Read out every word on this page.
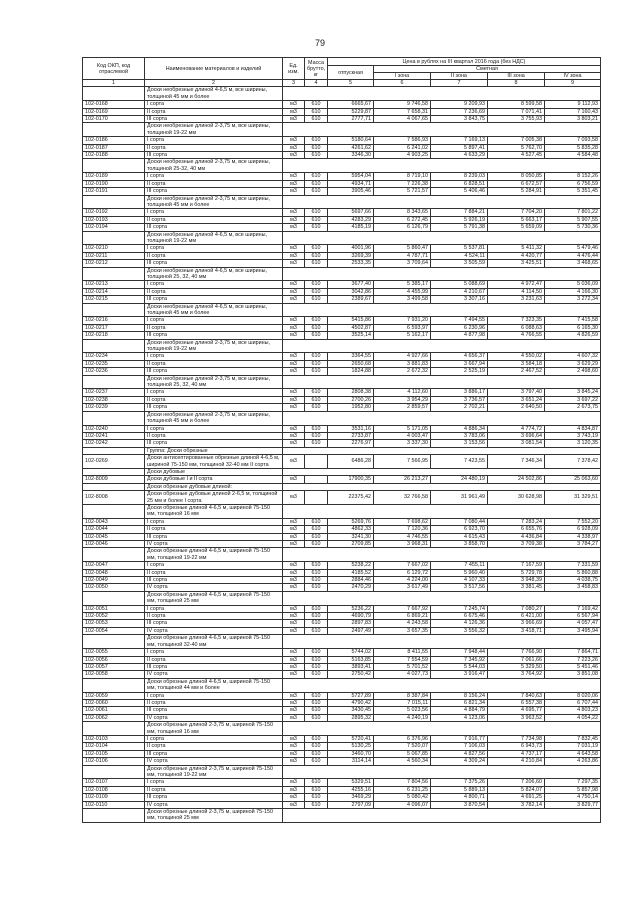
79
Код ОКП, код отраслевой	Наименование материалов и изделий	Ед. изм.	Масса брутто, кг	Цена в рублях на III квартал 2016 года (без НДС)				
				отпускная	Сметная			
					I зона	II зона	III зона	IV зона
1	2	3	4	5	6	7	8	9
	Доски необрезные длиной 4-6,5 м, все ширины, толщиной 45 мм и более							
102-0168	I сорта	м3	610	6665,67	9 746,58	9 209,93	8 599,58	9 112,93
102-0169	II сорта	м3	610	5229,87	7 658,31	7 236,69	7 071,41	7 160,43
102-0170	III сорта	м3	610	2777,71	4 067,65	3 843,75	3 755,93	3 803,21
	Доски необрезные длиной 2-3,75 м, все ширины, толщиной 19-22 мм							
102-0186	I сорта	м3	610	5180,64	7 586,93	7 169,13	7 005,38	7 093,58
102-0187	II сорта	м3	610	4261,62	6 241,02	5 897,41	5 762,70	5 835,28
102-0188	III сорта	м3	610	3346,30	4 903,25	4 633,29	4 527,45	4 584,48
	Доски необрезные длиной 2-3,75 м, все ширины, толщиной 25-32, 40 мм							
102-0189	I сорта	м3	610	5954,04	8 719,10	8 239,03	8 050,85	8 152,26
102-0190	II сорта	м3	610	4934,71	7 226,38	6 828,51	6 672,57	6 756,59
102-0191	III сорта	м3	610	3905,46	5 721,57	5 406,46	5 284,91	5 351,45
	Доски необрезные длиной 2-3,75 м, все ширины, толщиной 45 мм и более							
102-0192	I сорта	м3	610	5697,66	8 343,65	7 884,21	7 704,20	7 801,22
102-0193	II сорта	м3	610	4283,29	6 272,45	5 926,19	5 663,17	5 907,55
102-0194	III сорта	м3	610	4185,19	6 126,79	5 791,38	5 659,09	5 730,36
	Доски необрезные длиной 4-6,5 м, все ширины, толщиной 19-22 мм							
102-0210	I сорта	м3	610	4001,96	5 860,47	5 537,81	5 411,32	5 479,46
102-0211	II сорта	м3	610	3269,39	4 787,71	4 524,11	4 420,77	4 476,44
102-0212	III сорта	м3	610	2533,35	3 709,64	3 505,59	3 425,51	3 468,65
	Доски необрезные длиной 4-6,5 м, все ширины, толщиной 25, 32, 40 мм							
102-0213	I сорта	м3	610	3677,40	5 385,17	5 088,69	4 972,47	5 036,09
102-0214	II сорта	м3	610	3042,86	4 455,99	4 210,67	4 114,50	4 166,30
102-0215	III сорта	м3	610	2389,67	3 499,58	3 307,16	3 231,63	3 272,34
	Доски необрезные длиной 4-6,5 м, все ширины, толщиной 45 мм и более							
102-0216	I сорта	м3	610	5415,86	7 931,20	7 494,55	7 323,35	7 415,58
102-0217	II сорта	м3	610	4502,87	6 593,97	6 230,96	6 088,63	6 165,30
102-0218	III сорта	м3	610	3525,14	5 162,17	4 877,98	4 766,55	4 826,59
	Доски необрезные длиной 2-3,75 м, все ширины, толщиной 19-22 мм							
102-0234	I сорта	м3	610	3364,55	4 927,66	4 656,37	4 550,02	4 607,32
102-0235	II сорта	м3	610	2650,68	3 881,83	3 667,94	3 584,18	3 629,29
102-0236	III сорта	м3	610	1824,88	2 672,32	2 525,19	2 467,52	2 498,60
	Доски необрезные длиной 2-3,75 м, все ширины, толщиной 25, 32, 40 мм							
102-0237	I сорта	м3	610	2808,38	4 112,60	3 886,17	3 797,40	3 845,24
102-0238	II сорта	м3	610	2700,26	3 954,29	3 736,57	3 651,24	3 697,22
102-0239	III сорта	м3	610	1952,80	2 859,57	2 702,21	2 640,50	2 673,75
	Доски необрезные длиной 2-3,75 м, все ширины, толщиной 45 мм и более							
102-0240	I сорта	м3	610	3531,16	5 171,05	4 886,34	4 774,72	4 834,87
102-0241	II сорта	м3	610	2733,87	4 003,47	3 783,06	3 696,64	3 743,19
102-0242	III сорта	м3	610	2276,97	3 337,30	3 153,56	3 081,54	3 120,35
	Группа: Доски обрезные							
102-0269	Доски антисептированные обрезные длиной 4-6,5 м, шириной 75-150 мм, толщиной 32-40 мм II сорта	м3		6486,28	7 566,95	7 423,55	7 346,34	7 378,42
	Доски дубовые							
102-8009	Доски дубовые I и II сорта	м3		17900,35	26 213,27	24 480,19	24 502,86	25 063,60
	Доски обрезные дубовые длиной:							
102-8008	Доски обрезные дубовые длиной 2-6,5 м, толщиной 25 мм и более I сорта	м3		22375,42	32 766,58	31 961,49	30 628,98	31 329,51
	Доски обрезные длиной 4-6,5 м, шириной 75-150 мм, толщиной 16 мм							
102-0043	I сорта	м3	610	5269,76	7 698,62	7 080,44	7 283,24	7 552,20
102-0044	II сорта	м3	610	4862,33	7 120,36	6 923,70	6 655,76	6 928,09
102-0045	III сорта	м3	610	3241,30	4 746,55	4 615,43	4 436,84	4 338,97
102-0046	IV сорта	м3	610	2709,85	3 968,31	3 858,70	3 709,38	3 784,27
	Доски обрезные длиной 4-6,5 м, шириной 75-150 мм, толщиной 19-22 мм							
102-0047	I сорта	м3	610	5238,22	7 667,02	7 455,11	7 167,59	7 331,59
102-0048	II сорта	м3	610	4185,52	6 129,72	5 960,40	5 729,78	5 860,88
102-0049	III сорта	м3	610	2884,46	4 224,00	4 107,33	3 948,39	4 038,75
102-0050	IV сорта	м3	610	2470,29	3 617,49	3 517,56	3 381,45	3 458,83
	Доски обрезные длиной 4-6,5 м, шириной 75-150 мм, толщиной 25 мм							
102-0051	I сорта	м3	610	5236,22	7 667,92	7 245,74	7 080,27	7 169,42
102-0052	II сорта	м3	610	4690,79	6 869,21	6 675,46	6 421,00	6 567,94
102-0053	III сорта	м3	610	2897,83	4 243,58	4 126,36	3 966,69	4 057,47
102-0054	IV сорта	м3	610	2497,49	3 657,35	3 556,32	3 418,71	3 495,94
	Доски обрезные длиной 4-6,5 м, шириной 75-150 мм, толщиной 32-40 мм							
102-0055	I сорта	м3	610	5744,02	8 411,55	7 948,44	7 766,90	7 864,71
102-0056	II сорта	м3	610	5163,85	7 554,59	7 345,92	7 061,66	7 223,26
102-0057	III сорта	м3	610	3893,41	5 701,52	5 544,03	5 329,50	5 451,46
102-0058	IV сорта	м3	610	2750,42	4 027,73	3 916,47	3 764,92	3 851,08
	Доски обрезные длиной 4-6,5 м, шириной 75-150 мм, толщиной 44 мм и более							
102-0059	I сорта	м3	610	5727,89	8 387,84	8 156,24	7 840,63	8 020,06
102-0060	II сорта	м3	610	4790,42	7 015,11	6 821,34	6 557,38	6 707,44
102-0061	III сорта	м3	610	3430,45	5 023,56	4 884,79	4 695,77	4 803,23
102-0062	IV сорта	м3	610	2895,32	4 240,19	4 123,06	3 963,52	4 054,22
	Доски обрезные длиной 2-3,75 м, шириной 75-150 мм, толщиной 16 мм							
102-0103	I сорта	м3	610	5720,41	6 376,96	7 916,77	7 734,98	7 832,45
102-0104	II сорта	м3	610	5130,25	7 520,07	7 106,03	6 943,73	7 031,19
102-0105	III сорта	м3	610	3460,70	5 067,85	4 827,56	4 737,17	4 643,58
102-0106	IV сорта	м3	610	3114,14	4 560,34	4 309,24	4 210,84	4 263,86
	Доски обрезные длиной 2-3,75 м, шириной 75-150 мм, толщиной 19-22 мм							
102-0107	I сорта	м3	610	5329,51	7 804,56	7 375,26	7 206,60	7 297,35
102-0108	II сорта	м3	610	4255,16	6 231,25	5 889,13	5 824,07	5 857,98
102-0109	III сорта	м3	610	3469,29	5 080,42	4 800,71	4 691,25	4 750,14
102-0110	IV сорта	м3	610	2797,09	4 096,07	3 870,54	3 782,14	3 829,77
	Доски обрезные длиной 2-3,75 м, шириной 75-150 мм, толщиной 25 мм							
